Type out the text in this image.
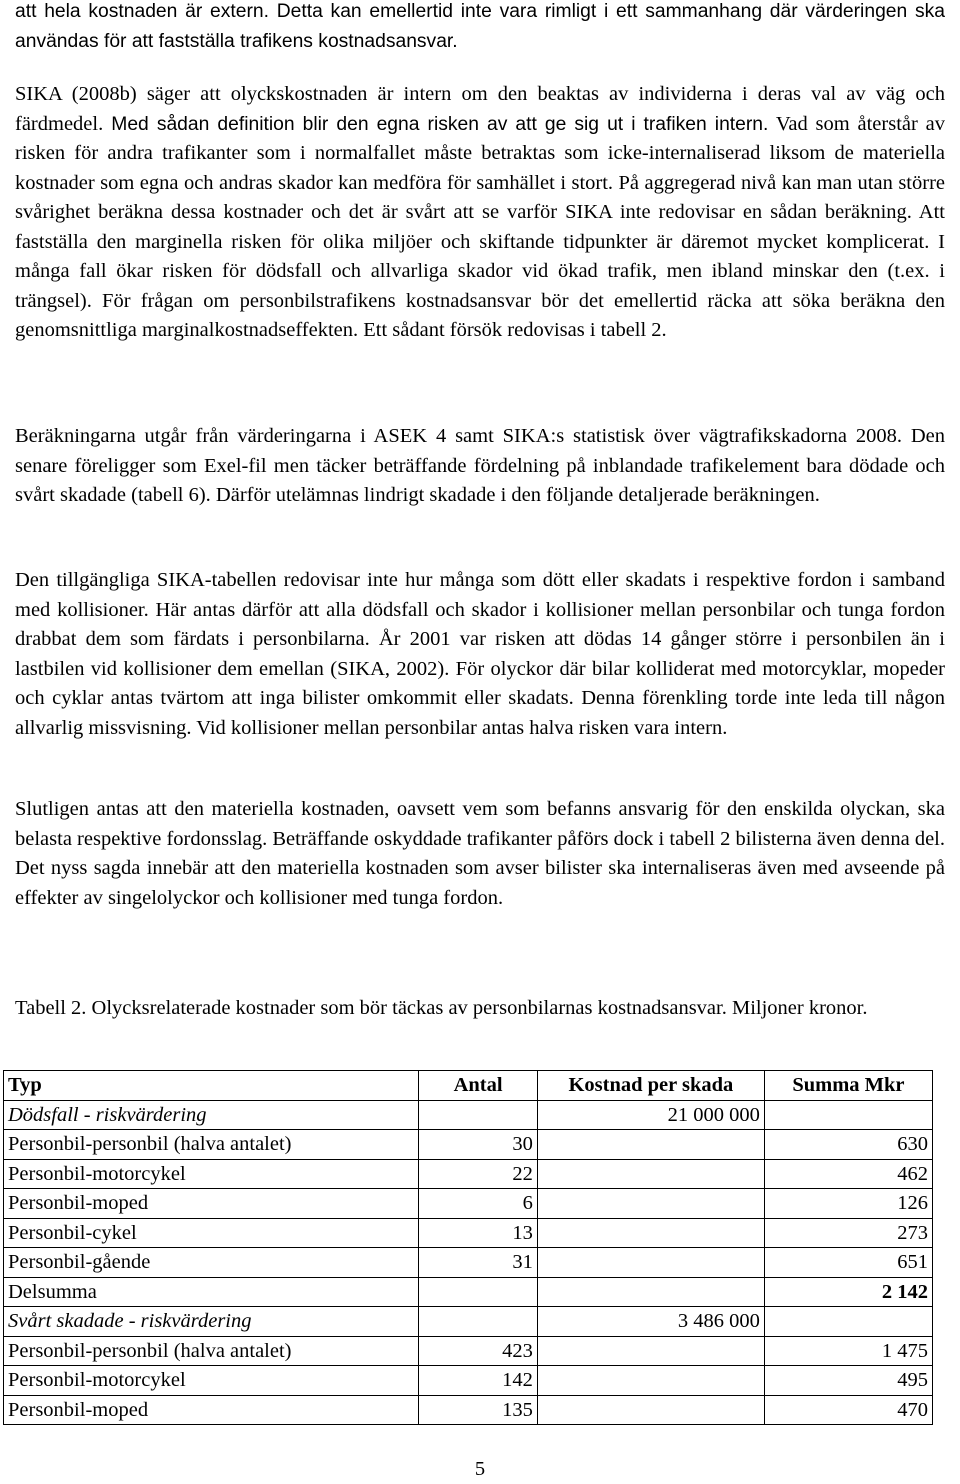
att hela kostnaden är extern. Detta kan emellertid inte vara rimligt i ett sammanhang där värderingen ska användas för att fastställa trafikens kostnadsansvar.

SIKA (2008b) säger att olyckskostnaden är intern om den beaktas av individerna i deras val av väg och färdmedel. Med sådan definition blir den egna risken av att ge sig ut i trafiken intern. Vad som återstår av risken för andra trafikanter som i normalfallet måste betraktas som icke-internaliserad liksom de materiella kostnader som egna och andras skador kan medföra för samhället i stort. På aggregerad nivå kan man utan större svårighet beräkna dessa kostnader och det är svårt att se varför SIKA inte redovisar en sådan beräkning. Att fastställa den marginella risken för olika miljöer och skiftande tidpunkter är däremot mycket komplicerat. I många fall ökar risken för dödsfall och allvarliga skador vid ökad trafik, men ibland minskar den (t.ex. i trängsel). För frågan om personbilstrafikens kostnadsansvar bör det emellertid räcka att söka beräkna den genomsnittliga marginalkostnadseffekten. Ett sådant försök redovisas i tabell 2.

Beräkningarna utgår från värderingarna i ASEK 4 samt SIKA:s statistisk över vägtrafikskadorna 2008. Den senare föreligger som Exel-fil men täcker beträffande fördelning på inblandade trafikelement bara dödade och svårt skadade (tabell 6). Därför utelämnas lindrigt skadade i den följande detaljerade beräkningen.

Den tillgängliga SIKA-tabellen redovisar inte hur många som dött eller skadats i respektive fordon i samband med kollisioner. Här antas därför att alla dödsfall och skador i kollisioner mellan personbilar och tunga fordon drabbat dem som färdats i personbilarna. År 2001 var risken att dödas 14 gånger större i personbilen än i lastbilen vid kollisioner dem emellan (SIKA, 2002). För olyckor där bilar kolliderat med motorcyklar, mopeder och cyklar antas tvärtom att inga bilister omkommit eller skadats. Denna förenkling torde inte leda till någon allvarlig missvisning. Vid kollisioner mellan personbilar antas halva risken vara intern.

Slutligen antas att den materiella kostnaden, oavsett vem som befanns ansvarig för den enskilda olyckan, ska belasta respektive fordonsslag. Beträffande oskyddade trafikanter påförs dock i tabell 2 bilisterna även denna del. Det nyss sagda innebär att den materiella kostnaden som avser bilister ska internaliseras även med avseende på effekter av singelolyckor och kollisioner med tunga fordon.

Tabell 2. Olycksrelaterade kostnader som bör täckas av personbilarnas kostnadsansvar. Miljoner kronor.

Typ	Antal	Kostnad per skada	Summa Mkr
Dödsfall - riskvärdering		21 000 000	
Personbil-personbil (halva antalet)	30		630
Personbil-motorcykel	22		462
Personbil-moped	6		126
Personbil-cykel	13		273
Personbil-gående	31		651
Delsumma			2 142
Svårt skadade - riskvärdering		3 486 000	
Personbil-personbil (halva antalet)	423		1 475
Personbil-motorcykel	142		495
Personbil-moped	135		470
5
